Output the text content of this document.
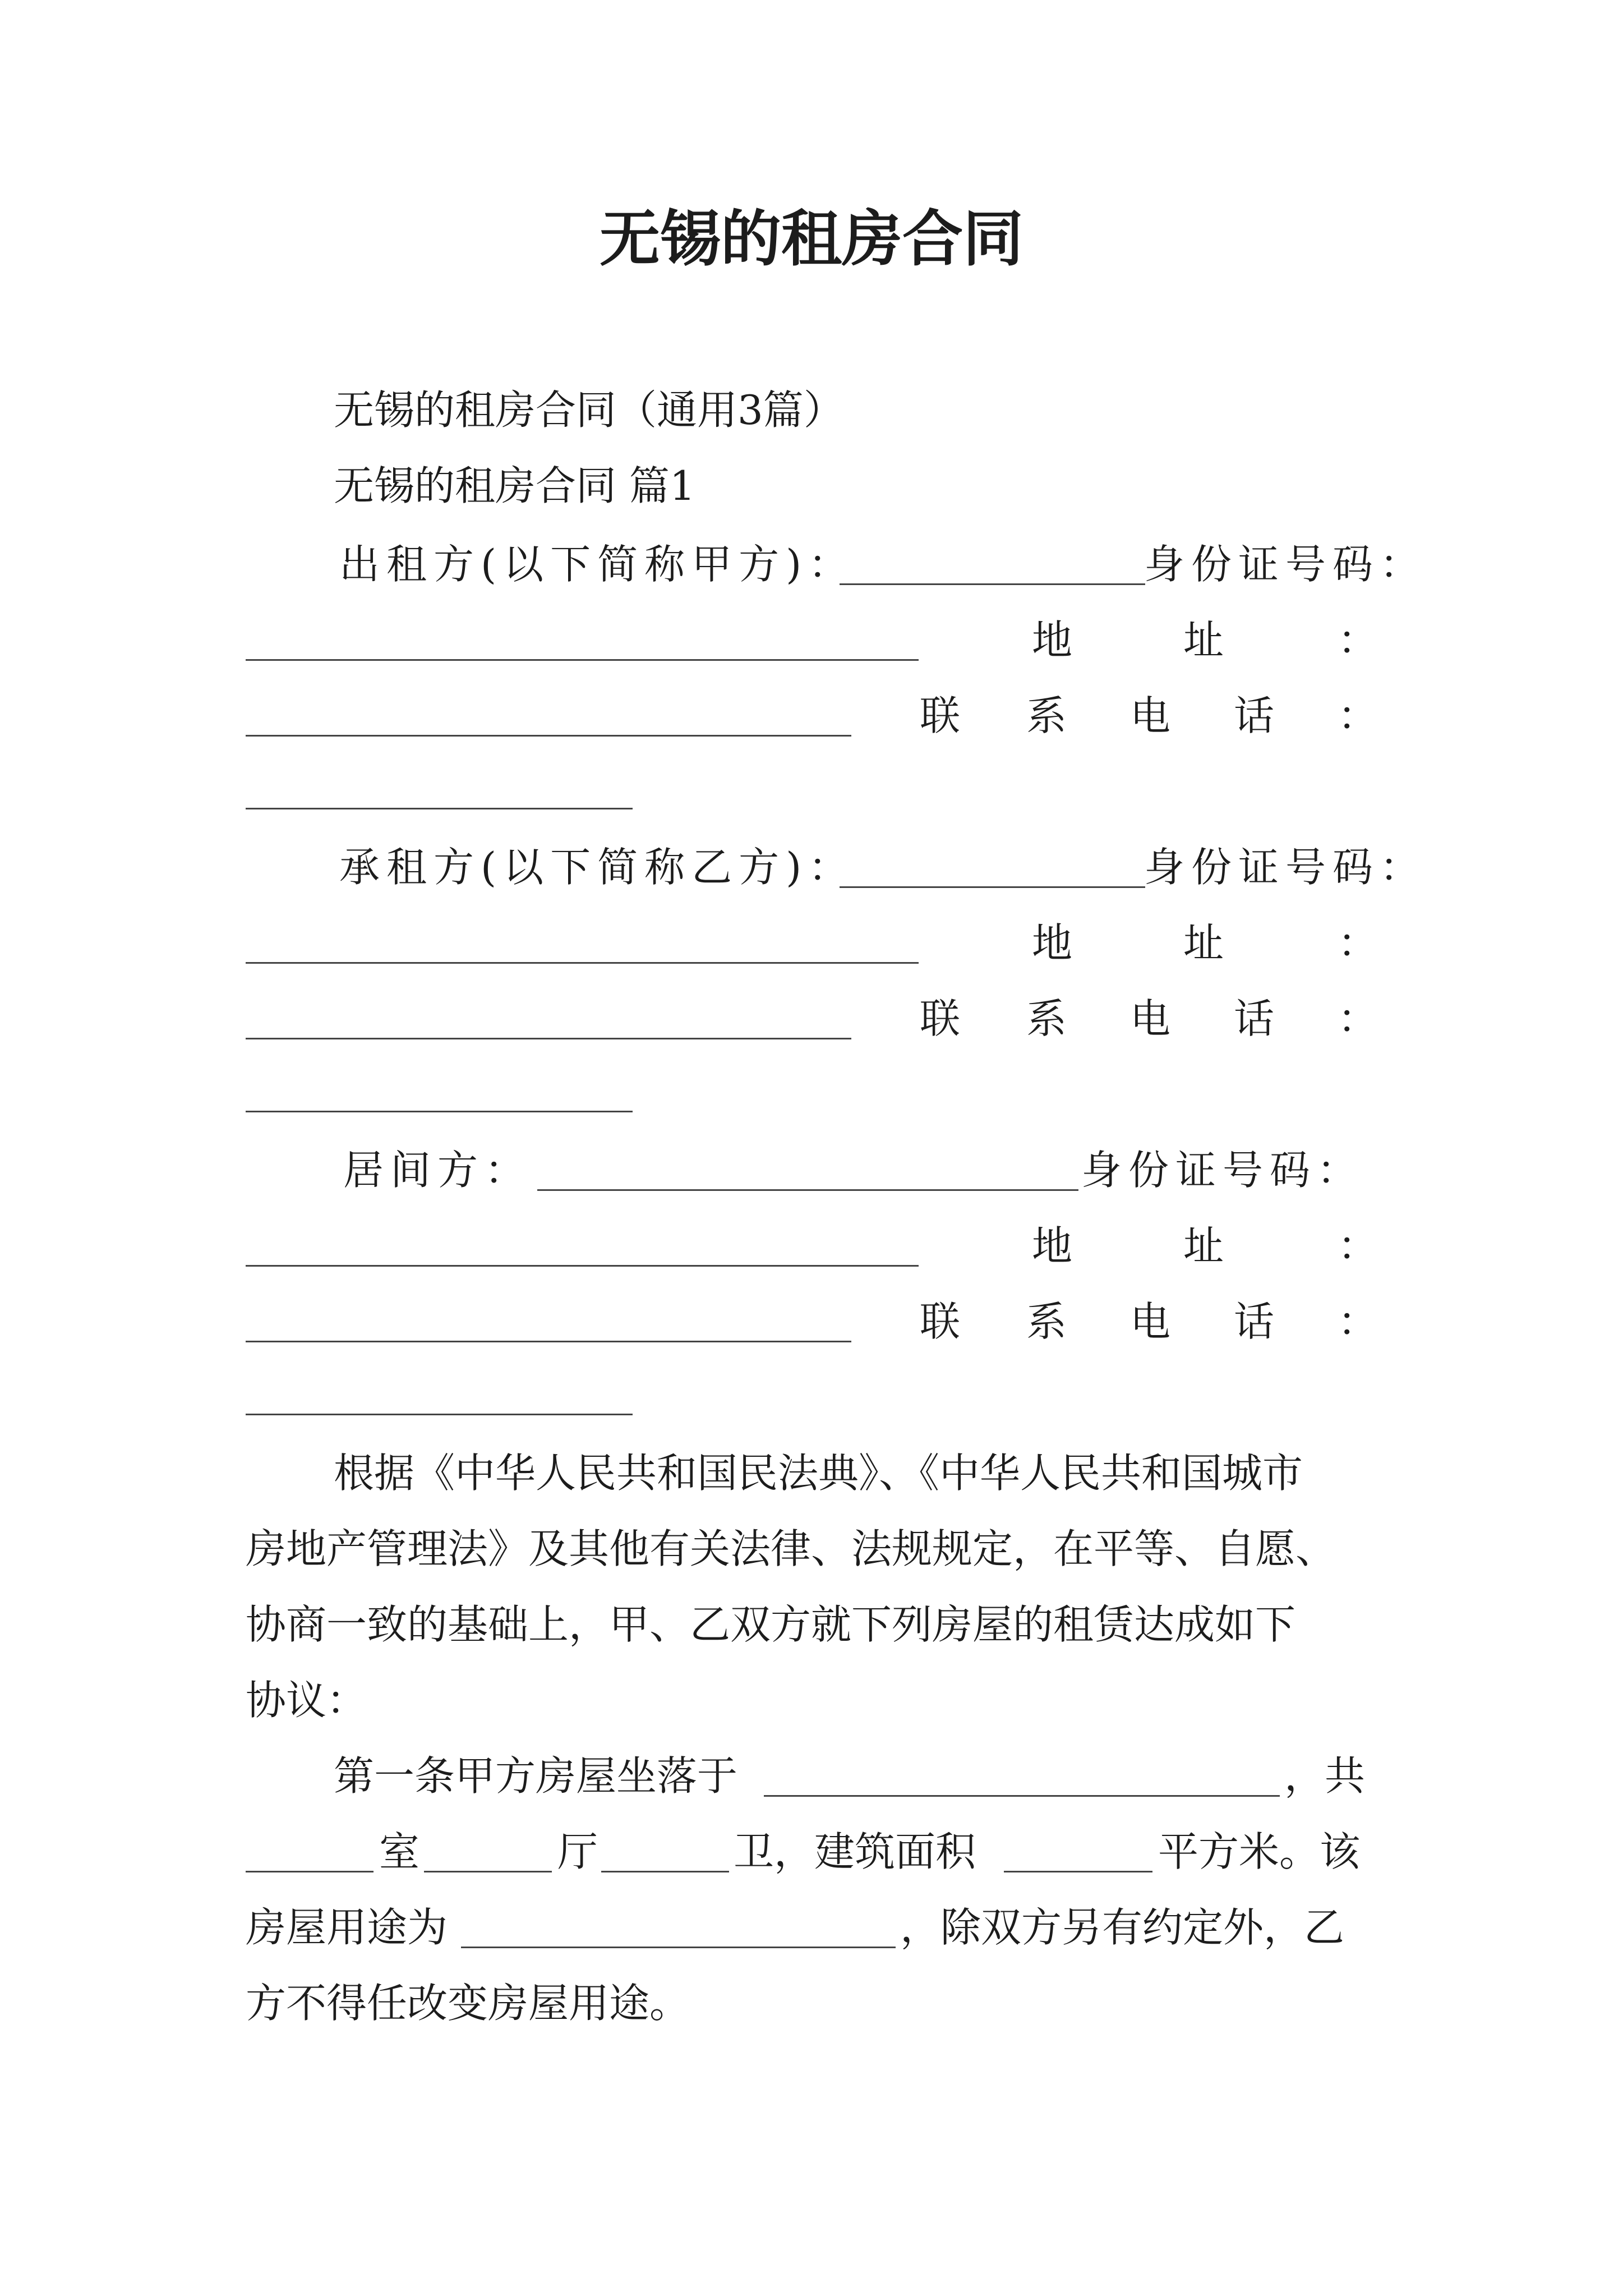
无锡的租房合同
无锡的租房合同（通用3篇）
无锡的租房合同 篇1
出租方(以下简称甲方)：	身份证号码：
地	址	：
联 系 电 话 ：
承租方(以下简称乙方)：	身份证号码：
地	址	：
联 系 电 话 ：
居间方：	身份证号码：
地	址	：
联 系 电 话 ：
根据《中华人民共和国民法典》、《中华人民共和国城市
房地产管理法》及其他有关法律、法规规定，在平等、自愿、
协商一致的基础上，甲、乙双方就下列房屋的租赁达成如下
协议：
第一条甲方房屋坐落于	，共
室	厅	卫，建筑面积	平方米。该
房屋用途为	，除双方另有约定外，乙
方不得任改变房屋用途。
